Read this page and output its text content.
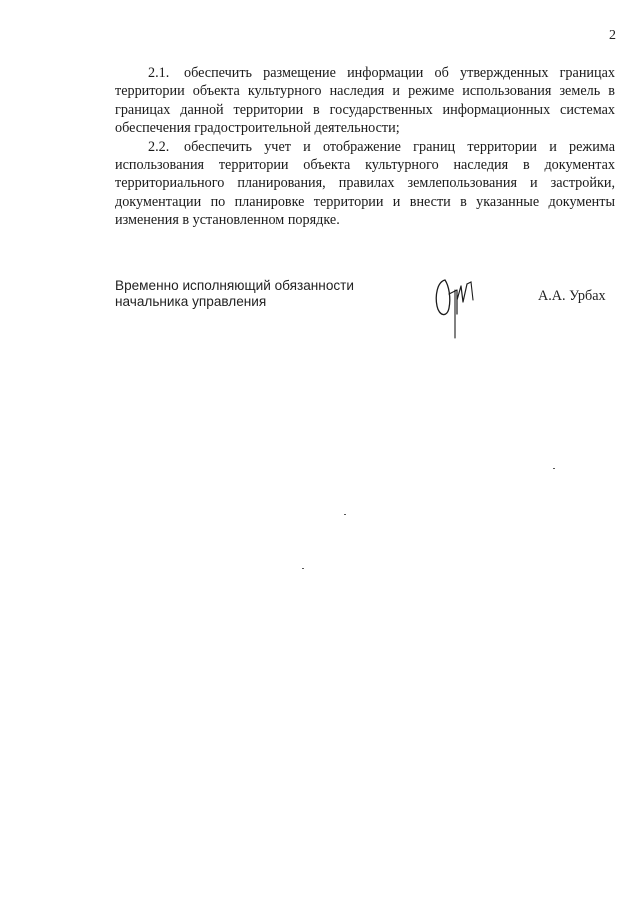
2

2.1. обеспечить размещение информации об утвержденных границах территории объекта культурного наследия и режиме использования земель в границах данной территории в государственных информационных системах обеспечения градостроительной деятельности;

2.2. обеспечить учет и отображение границ территории и режима использования территории объекта культурного наследия в документах территориального планирования, правилах землепользования и застройки, документации по планировке территории и внести в указанные документы изменения в установленном порядке.

Временно исполняющий обязанности
начальника управления	А.А. Урбах
